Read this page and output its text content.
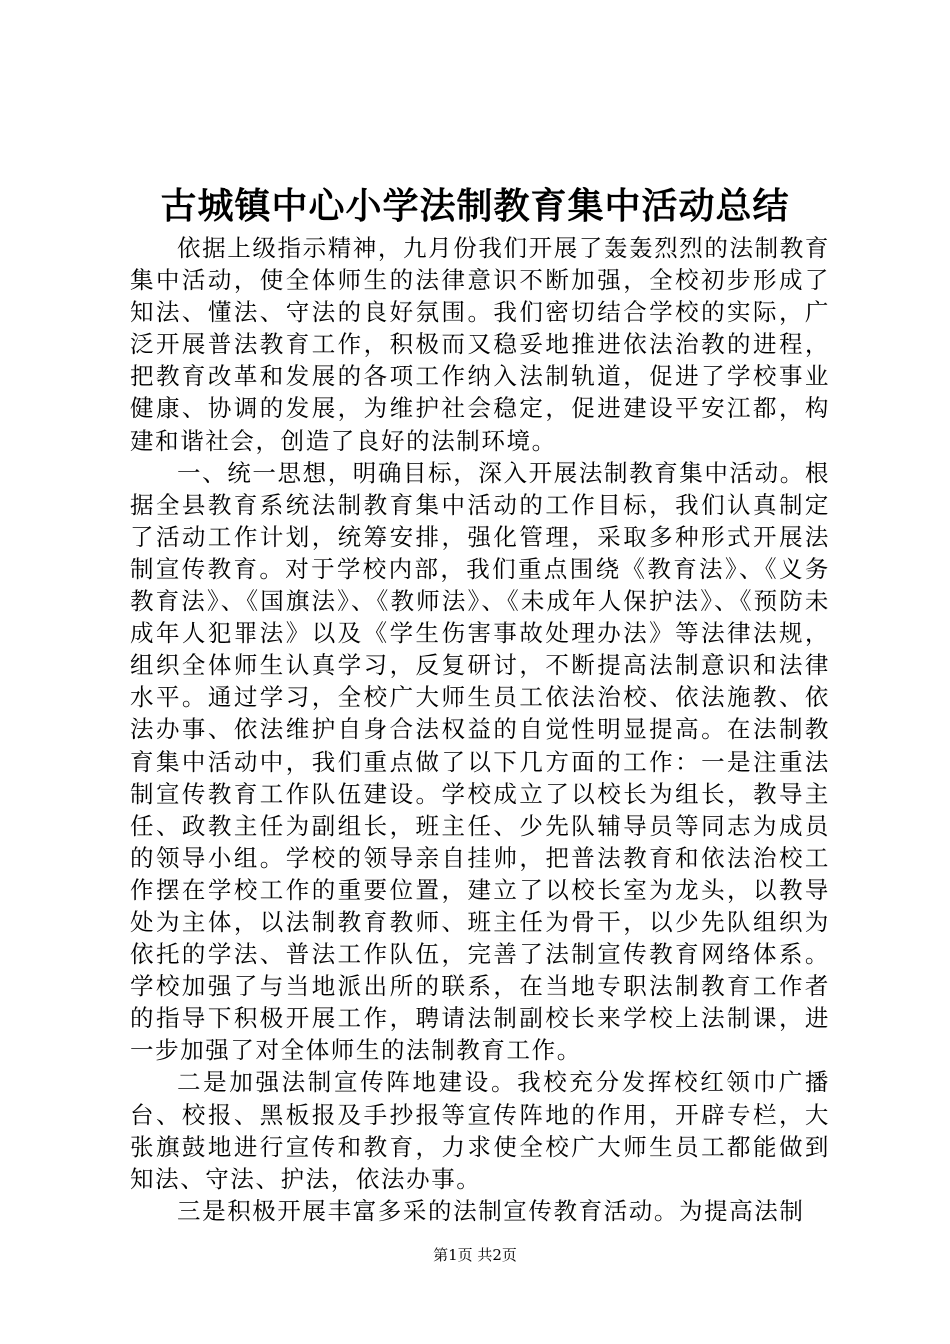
古城镇中心小学法制教育集中活动总结

依据上级指示精神，九月份我们开展了轰轰烈烈的法制教育集中活动，使全体师生的法律意识不断加强，全校初步形成了知法、懂法、守法的良好氛围。我们密切结合学校的实际，广泛开展普法教育工作，积极而又稳妥地推进依法治教的进程，把教育改革和发展的各项工作纳入法制轨道，促进了学校事业健康、协调的发展，为维护社会稳定，促进建设平安江都，构建和谐社会，创造了良好的法制环境。

一、统一思想，明确目标，深入开展法制教育集中活动。根据全县教育系统法制教育集中活动的工作目标，我们认真制定了活动工作计划，统筹安排，强化管理，采取多种形式开展法制宣传教育。对于学校内部，我们重点围绕《教育法》、《义务教育法》、《国旗法》、《教师法》、《未成年人保护法》、《预防未成年人犯罪法》以及《学生伤害事故处理办法》等法律法规，组织全体师生认真学习，反复研讨，不断提高法制意识和法律水平。通过学习，全校广大师生员工依法治校、依法施教、依法办事、依法维护自身合法权益的自觉性明显提高。在法制教育集中活动中，我们重点做了以下几方面的工作：一是注重法制宣传教育工作队伍建设。学校成立了以校长为组长，教导主任、政教主任为副组长，班主任、少先队辅导员等同志为成员的领导小组。学校的领导亲自挂帅，把普法教育和依法治校工作摆在学校工作的重要位置，建立了以校长室为龙头，以教导处为主体，以法制教育教师、班主任为骨干，以少先队组织为依托的学法、普法工作队伍，完善了法制宣传教育网络体系。学校加强了与当地派出所的联系，在当地专职法制教育工作者的指导下积极开展工作，聘请法制副校长来学校上法制课，进一步加强了对全体师生的法制教育工作。

二是加强法制宣传阵地建设。我校充分发挥校红领巾广播台、校报、黑板报及手抄报等宣传阵地的作用，开辟专栏，大张旗鼓地进行宣传和教育，力求使全校广大师生员工都能做到知法、守法、护法，依法办事。

三是积极开展丰富多采的法制宣传教育活动。为提高法制

第1页 共2页
